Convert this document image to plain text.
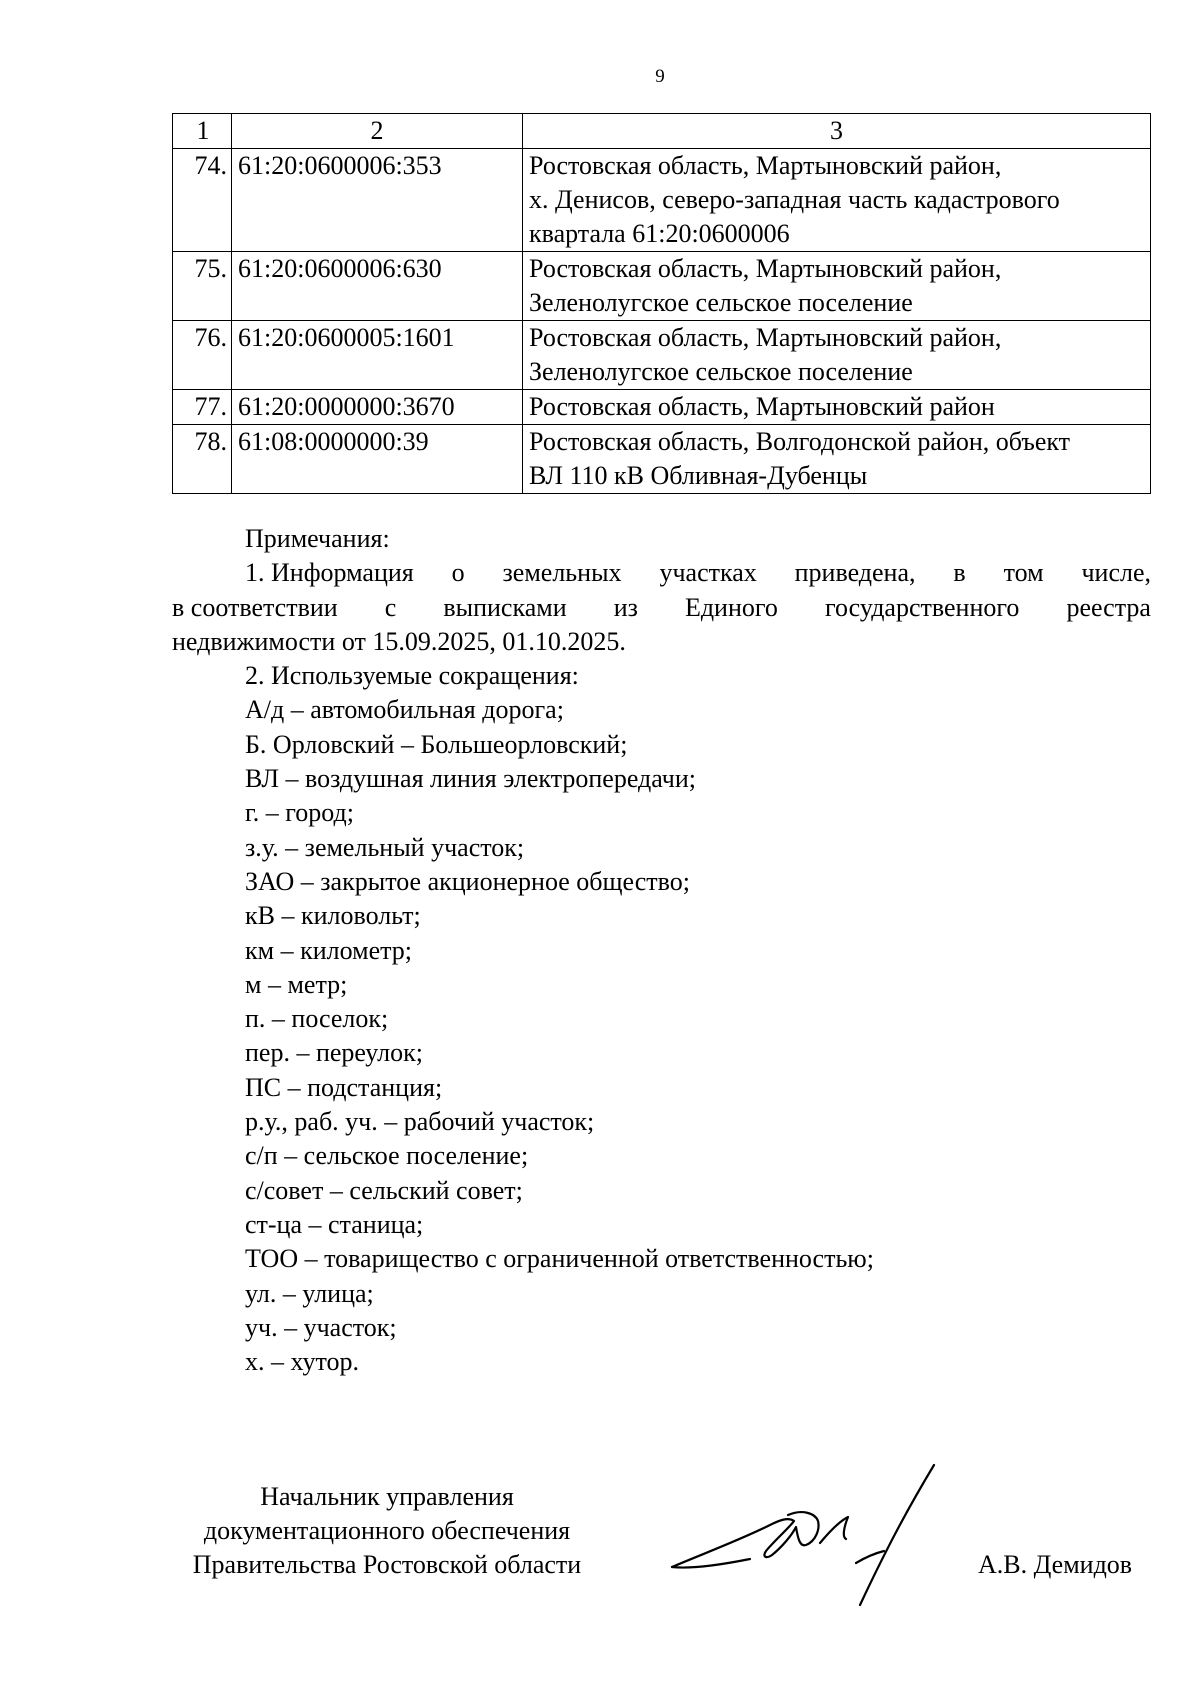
9
1	2	3
74.	61:20:0600006:353	Ростовская область, Мартыновский район,
х. Денисов, северо-западная часть кадастрового
квартала 61:20:0600006

75.	61:20:0600006:630	Ростовская область, Мартыновский район,
Зеленолугское сельское поселение

76.	61:20:0600005:1601	Ростовская область, Мартыновский район,
Зеленолугское сельское поселение

77.	61:20:0000000:3670	Ростовская область, Мартыновский район

78.	61:08:0000000:39	Ростовская область, Волгодонской район, объект
ВЛ 110 кВ Обливная-Дубенцы
Примечания:
1. Информация о земельных участках приведена, в том числе,
в соответствии с выписками из Единого государственного реестра
недвижимости от 15.09.2025, 01.10.2025.
2. Используемые сокращения:
А/д – автомобильная дорога;
Б. Орловский – Большеорловский;
ВЛ – воздушная линия электропередачи;
г. – город;
з.у. – земельный участок;
ЗАО – закрытое акционерное общество;
кВ – киловольт;
км – километр;
м – метр;
п. – поселок;
пер. – переулок;
ПС – подстанция;
р.у., раб. уч. – рабочий участок;
с/п – сельское поселение;
с/совет – сельский совет;
ст-ца – станица;
ТОО – товарищество с ограниченной ответственностью;
ул. – улица;
уч. – участок;
х. – хутор.
Начальник управления
документационного обеспечения
Правительства Ростовской области	А.В. Демидов
